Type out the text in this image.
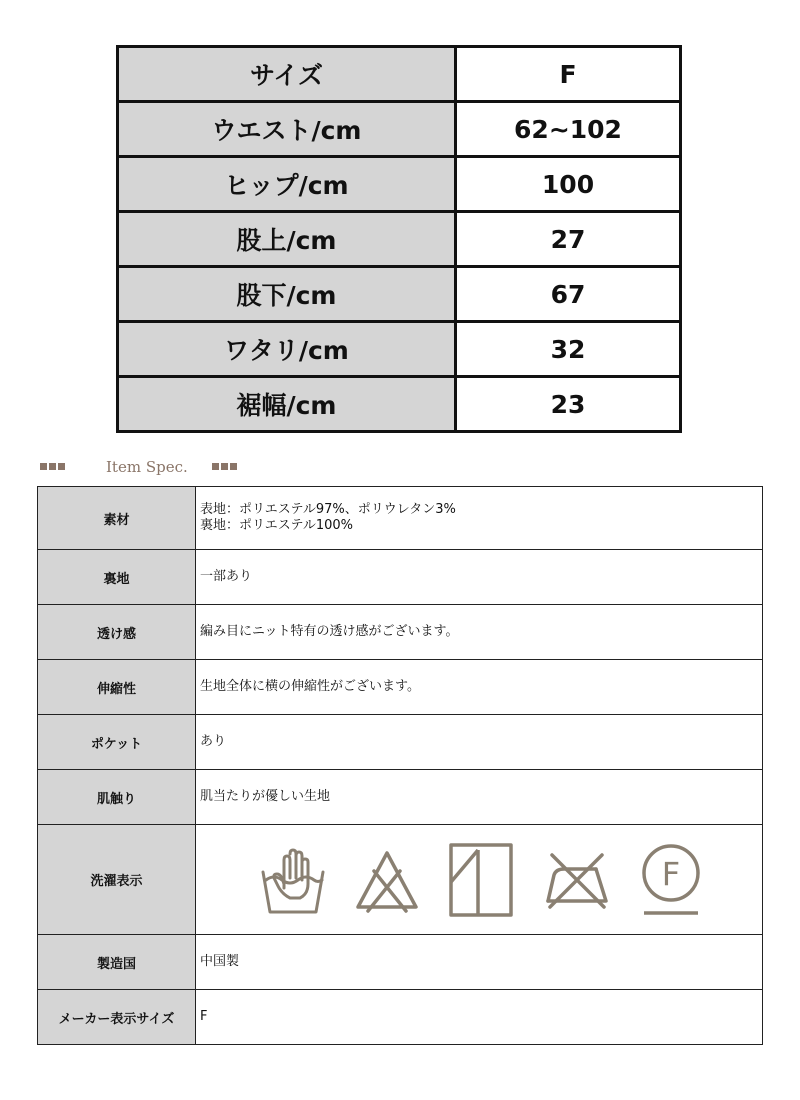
サイズ	F
ウエスト/cm	62~102
ヒップ/cm	100
股上/cm	27
股下/cm	67
ワタリ/cm	32
裾幅/cm	23
Item Spec.
素材	表地：ポリエステル97%、ポリウレタン3%
裏地：ポリエステル100%

裏地	一部あり
透け感	編み目にニット特有の透け感がございます。
伸縮性	生地全体に横の伸縮性がございます。
ポケット	あり
肌触り	肌当たりが優しい生地
洗濯表示	F

製造国	中国製
メーカー表示サイズ	F
